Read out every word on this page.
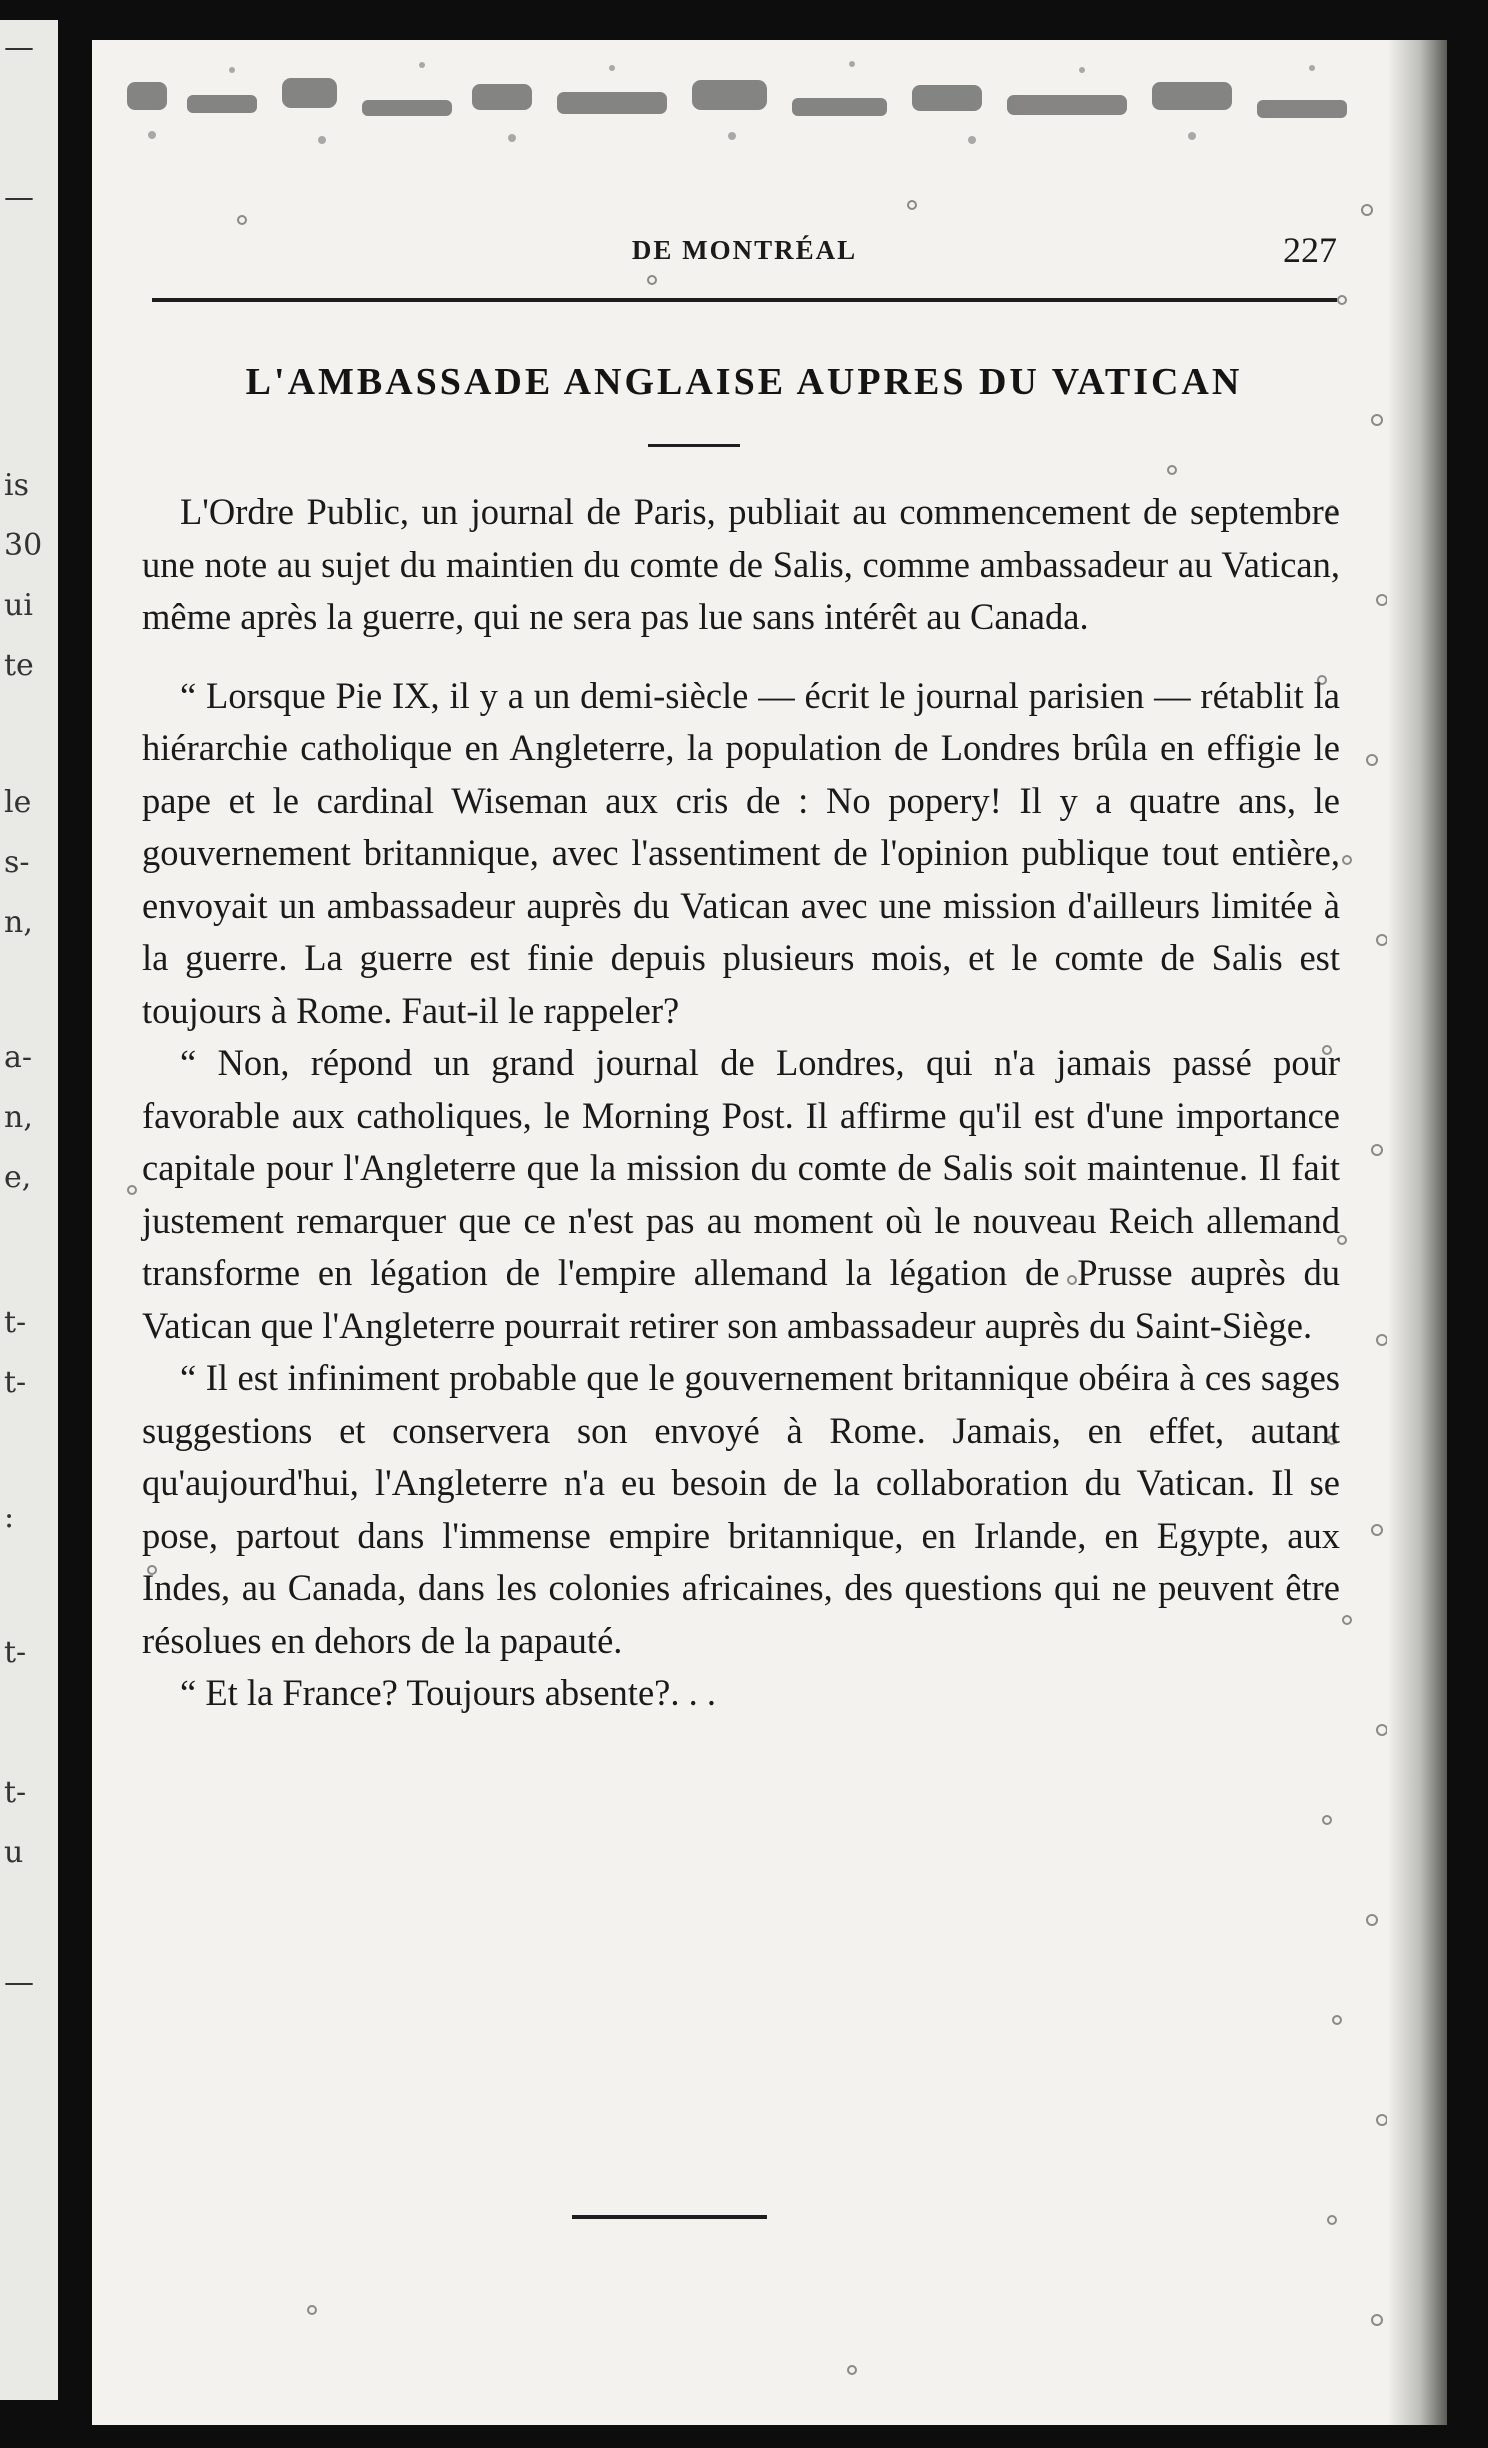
—
—
is
30
ui
te
le
s-
n,
a-
n,
e,
t-
t-
:
t-
t-
u
—
DE MONTRÉAL	227
L'AMBASSADE ANGLAISE AUPRES DU VATICAN

L'Ordre Public, un journal de Paris, publiait au commencement de septembre une note au sujet du maintien du comte de Salis, comme ambassadeur au Vatican, même après la guerre, qui ne sera pas lue sans intérêt au Canada.

“ Lorsque Pie IX, il y a un demi-siècle — écrit le journal parisien — rétablit la hiérarchie catholique en Angleterre, la population de Londres brûla en effigie le pape et le cardinal Wiseman aux cris de : No popery! Il y a quatre ans, le gouvernement britannique, avec l'assentiment de l'opinion publique tout entière, envoyait un ambassadeur auprès du Vatican avec une mission d'ailleurs limitée à la guerre. La guerre est finie depuis plusieurs mois, et le comte de Salis est toujours à Rome. Faut-il le rappeler?

“ Non, répond un grand journal de Londres, qui n'a jamais passé pour favorable aux catholiques, le Morning Post. Il affirme qu'il est d'une importance capitale pour l'Angleterre que la mission du comte de Salis soit maintenue. Il fait justement remarquer que ce n'est pas au moment où le nouveau Reich allemand transforme en légation de l'empire allemand la légation de Prusse auprès du Vatican que l'Angleterre pourrait retirer son ambassadeur auprès du Saint-Siège.

“ Il est infiniment probable que le gouvernement britannique obéira à ces sages suggestions et conservera son envoyé à Rome. Jamais, en effet, autant qu'aujourd'hui, l'Angleterre n'a eu besoin de la collaboration du Vatican. Il se pose, partout dans l'immense empire britannique, en Irlande, en Egypte, aux Indes, au Canada, dans les colonies africaines, des questions qui ne peuvent être résolues en dehors de la papauté.

“ Et la France? Toujours absente?. . .
